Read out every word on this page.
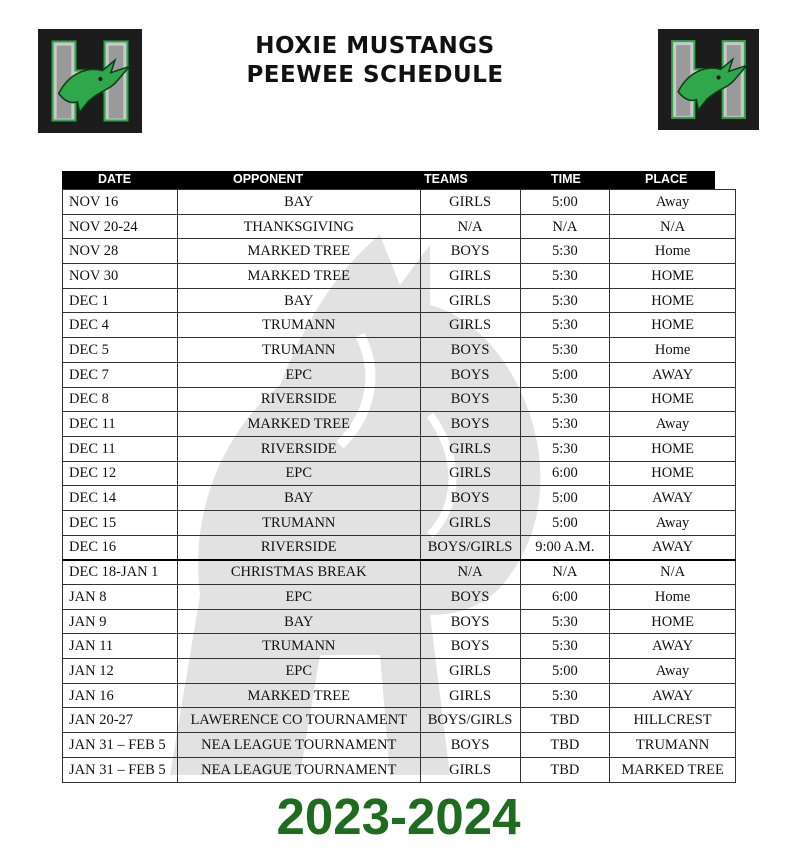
HOXIE MUSTANGS
PEEWEE SCHEDULE
DATE	OPPONENT	TEAMS	TIME	PLACE
NOV 16	BAY	GIRLS	5:00	Away
NOV 20-24	THANKSGIVING	N/A	N/A	N/A
NOV 28	MARKED TREE	BOYS	5:30	Home
NOV 30	MARKED TREE	GIRLS	5:30	HOME
DEC 1	BAY	GIRLS	5:30	HOME
DEC 4	TRUMANN	GIRLS	5:30	HOME
DEC 5	TRUMANN	BOYS	5:30	Home
DEC 7	EPC	BOYS	5:00	AWAY
DEC 8	RIVERSIDE	BOYS	5:30	HOME
DEC 11	MARKED TREE	BOYS	5:30	Away
DEC 11	RIVERSIDE	GIRLS	5:30	HOME
DEC 12	EPC	GIRLS	6:00	HOME
DEC 14	BAY	BOYS	5:00	AWAY
DEC 15	TRUMANN	GIRLS	5:00	Away
DEC 16	RIVERSIDE	BOYS/GIRLS	9:00 A.M.	AWAY
DEC 18-JAN 1	CHRISTMAS BREAK	N/A	N/A	N/A
JAN 8	EPC	BOYS	6:00	Home
JAN 9	BAY	BOYS	5:30	HOME
JAN 11	TRUMANN	BOYS	5:30	AWAY
JAN 12	EPC	GIRLS	5:00	Away
JAN 16	MARKED TREE	GIRLS	5:30	AWAY
JAN 20-27	LAWERENCE CO TOURNAMENT	BOYS/GIRLS	TBD	HILLCREST
JAN 31 – FEB 5	NEA LEAGUE TOURNAMENT	BOYS	TBD	TRUMANN
JAN 31 – FEB 5	NEA LEAGUE TOURNAMENT	GIRLS	TBD	MARKED TREE
2023-2024
